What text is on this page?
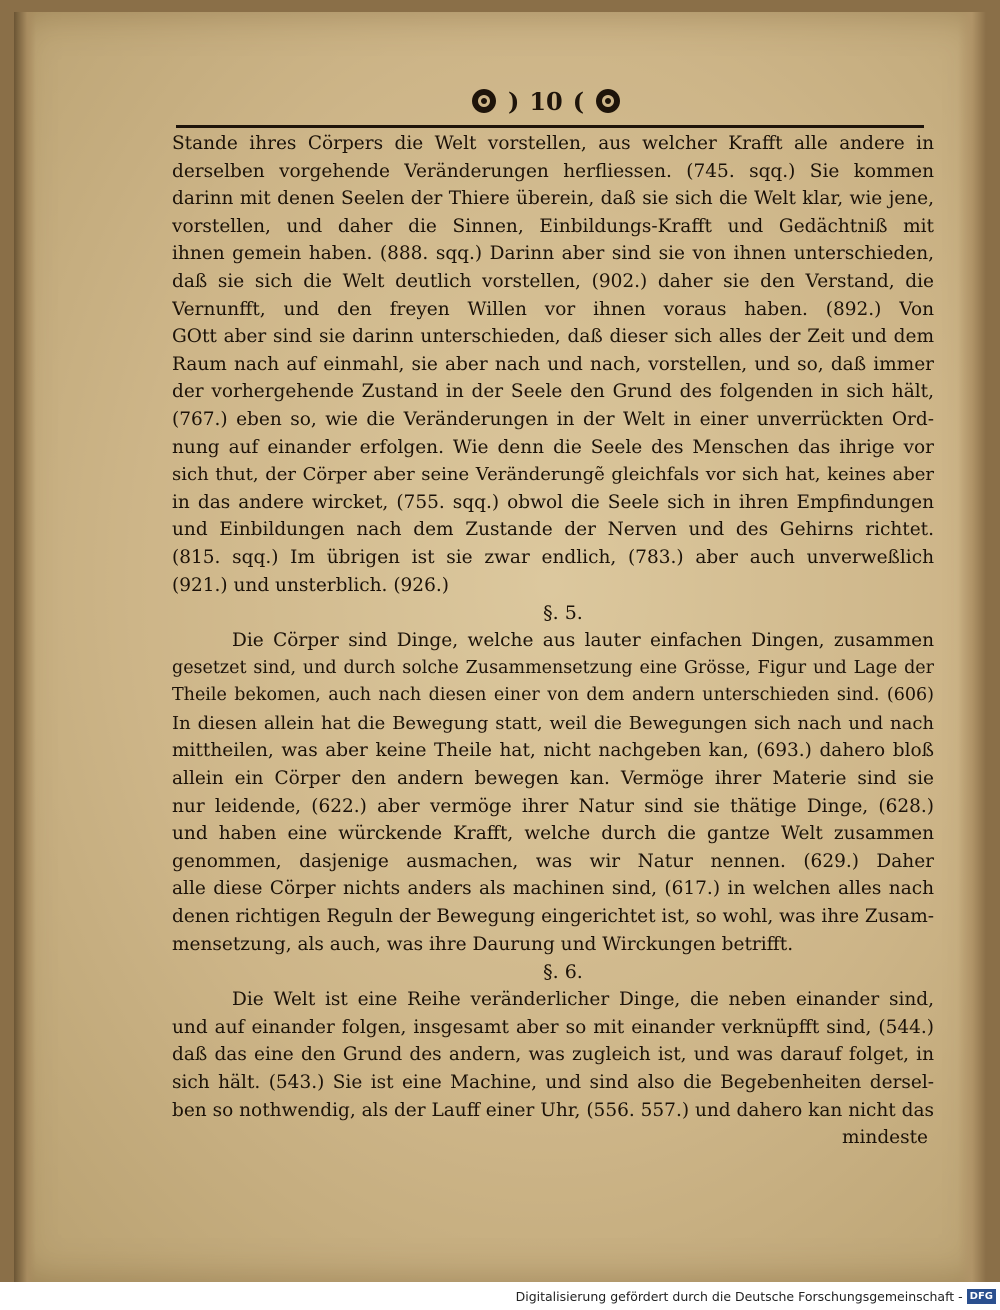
) 10 (
Stande ihres Cörpers die Welt vorstellen, aus welcher Krafft alle andere in
derselben vorgehende Veränderungen herfliessen. (745. sqq.) Sie kommen
darinn mit denen Seelen der Thiere überein, daß sie sich die Welt klar, wie jene,
vorstellen, und daher die Sinnen, Einbildungs-Krafft und Gedächtniß mit
ihnen gemein haben. (888. sqq.) Darinn aber sind sie von ihnen unterschieden,
daß sie sich die Welt deutlich vorstellen, (902.) daher sie den Verstand, die
Vernunfft, und den freyen Willen vor ihnen voraus haben. (892.) Von
GOtt aber sind sie darinn unterschieden, daß dieser sich alles der Zeit und dem
Raum nach auf einmahl, sie aber nach und nach, vorstellen, und so, daß immer
der vorhergehende Zustand in der Seele den Grund des folgenden in sich hält,
(767.) eben so, wie die Veränderungen in der Welt in einer unverrückten Ord-
nung auf einander erfolgen. Wie denn die Seele des Menschen das ihrige vor
sich thut, der Cörper aber seine Veränderungẽ gleichfals vor sich hat, keines aber
in das andere wircket, (755. sqq.) obwol die Seele sich in ihren Empfindungen
und Einbildungen nach dem Zustande der Nerven und des Gehirns richtet.
(815. sqq.) Im übrigen ist sie zwar endlich, (783.) aber auch unverweßlich
(921.) und unsterblich. (926.)
§. 5.
Die Cörper sind Dinge, welche aus lauter einfachen Dingen, zusammen
gesetzet sind, und durch solche Zusammensetzung eine Grösse, Figur und Lage der
Theile bekomen, auch nach diesen einer von dem andern unterschieden sind. (606)
In diesen allein hat die Bewegung statt, weil die Bewegungen sich nach und nach
mittheilen, was aber keine Theile hat, nicht nachgeben kan, (693.) dahero bloß
allein ein Cörper den andern bewegen kan. Vermöge ihrer Materie sind sie
nur leidende, (622.) aber vermöge ihrer Natur sind sie thätige Dinge, (628.)
und haben eine würckende Krafft, welche durch die gantze Welt zusammen
genommen, dasjenige ausmachen, was wir Natur nennen. (629.) Daher
alle diese Cörper nichts anders als machinen sind, (617.) in welchen alles nach
denen richtigen Reguln der Bewegung eingerichtet ist, so wohl, was ihre Zusam-
mensetzung, als auch, was ihre Daurung und Wirckungen betrifft.
§. 6.
Die Welt ist eine Reihe veränderlicher Dinge, die neben einander sind,
und auf einander folgen, insgesamt aber so mit einander verknüpfft sind, (544.)
daß das eine den Grund des andern, was zugleich ist, und was darauf folget, in
sich hält. (543.) Sie ist eine Machine, und sind also die Begebenheiten dersel-
ben so nothwendig, als der Lauff einer Uhr, (556. 557.) und dahero kan nicht das
mindeste
Digitalisierung gefördert durch die Deutsche Forschungsgemeinschaft - DFG
